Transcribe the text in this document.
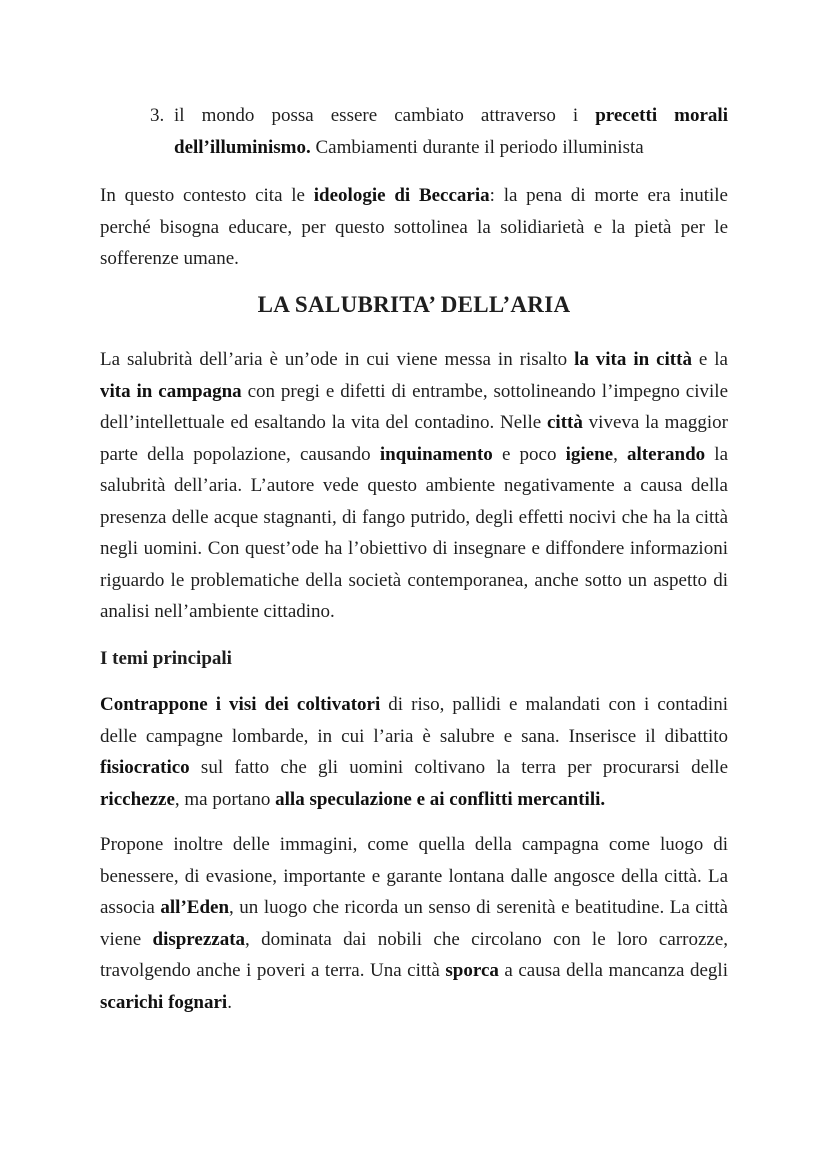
3. il mondo possa essere cambiato attraverso i precetti morali dell’illuminismo. Cambiamenti durante il periodo illuminista

In questo contesto cita le ideologie di Beccaria: la pena di morte era inutile perché bisogna educare, per questo sottolinea la solidiarietà e la pietà per le sofferenze umane.

LA SALUBRITA’ DELL’ARIA

La salubrità dell’aria è un’ode in cui viene messa in risalto la vita in città e la vita in campagna con pregi e difetti di entrambe, sottolineando l’impegno civile dell’intellettuale ed esaltando la vita del contadino. Nelle città viveva la maggior parte della popolazione, causando inquinamento e poco igiene, alterando la salubrità dell’aria. L’autore vede questo ambiente negativamente a causa della presenza delle acque stagnanti, di fango putrido, degli effetti nocivi che ha la città negli uomini. Con quest’ode ha l’obiettivo di insegnare e diffondere informazioni riguardo le problematiche della società contemporanea, anche sotto un aspetto di analisi nell’ambiente cittadino.

I temi principali

Contrappone i visi dei coltivatori di riso, pallidi e malandati con i contadini delle campagne lombarde, in cui l’aria è salubre e sana. Inserisce il dibattito fisiocratico sul fatto che gli uomini coltivano la terra per procurarsi delle ricchezze, ma portano alla speculazione e ai conflitti mercantili.

Propone inoltre delle immagini, come quella della campagna come luogo di benessere, di evasione, importante e garante lontana dalle angosce della città. La associa all’Eden, un luogo che ricorda un senso di serenità e beatitudine. La città viene disprezzata, dominata dai nobili che circolano con le loro carrozze, travolgendo anche i poveri a terra. Una città sporca a causa della mancanza degli scarichi fognari.
